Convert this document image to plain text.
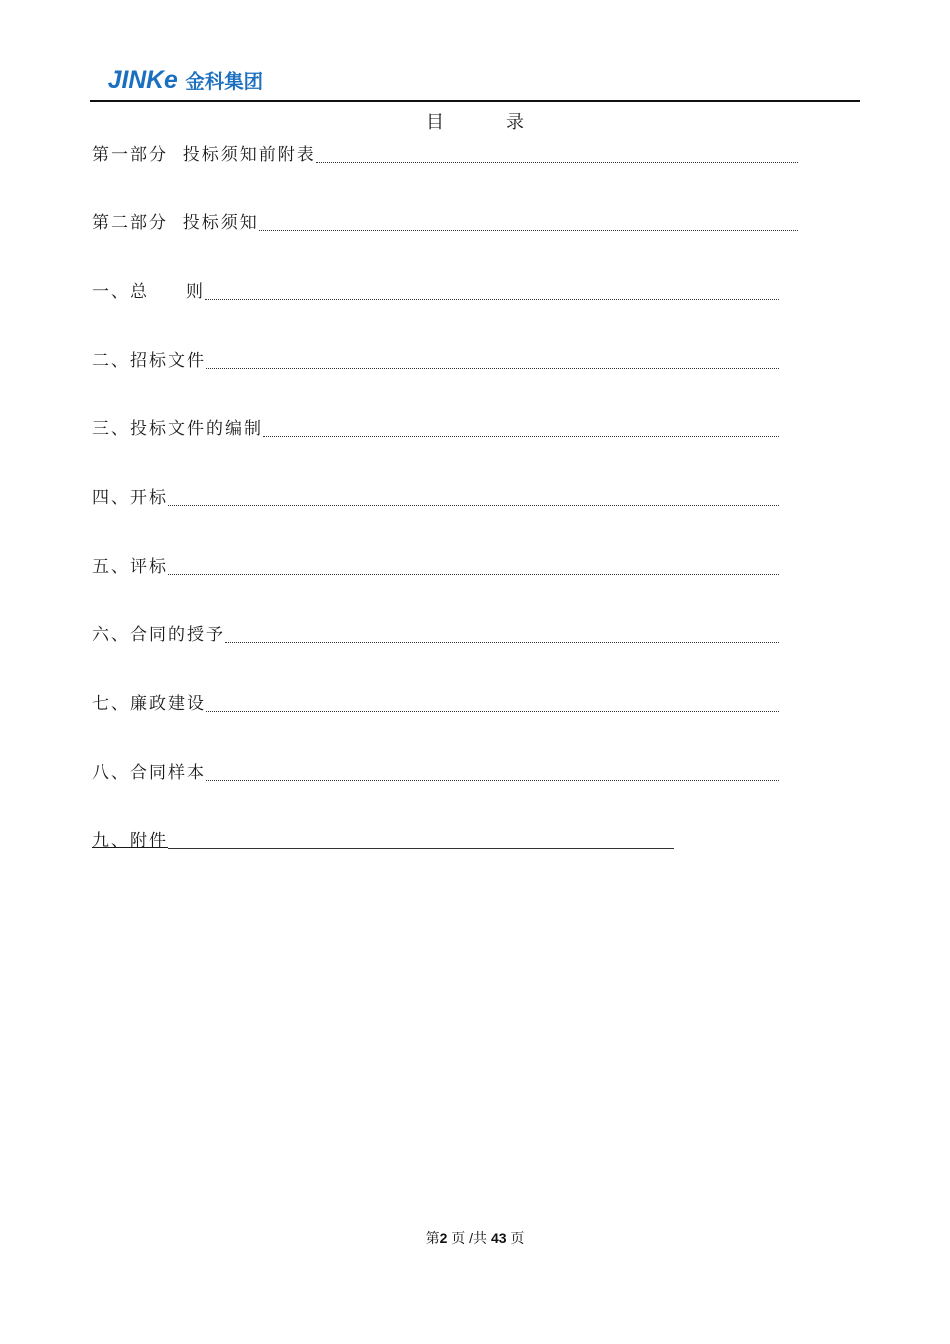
JINKe 金科集团
目	录
第一部分  投标须知前附表
第二部分  投标须知
一、总     则
二、招标文件
三、投标文件的编制
四、开标
五、评标
六、合同的授予
七、廉政建设
八、合同样本
九、附件
第2 页 /共 43 页
